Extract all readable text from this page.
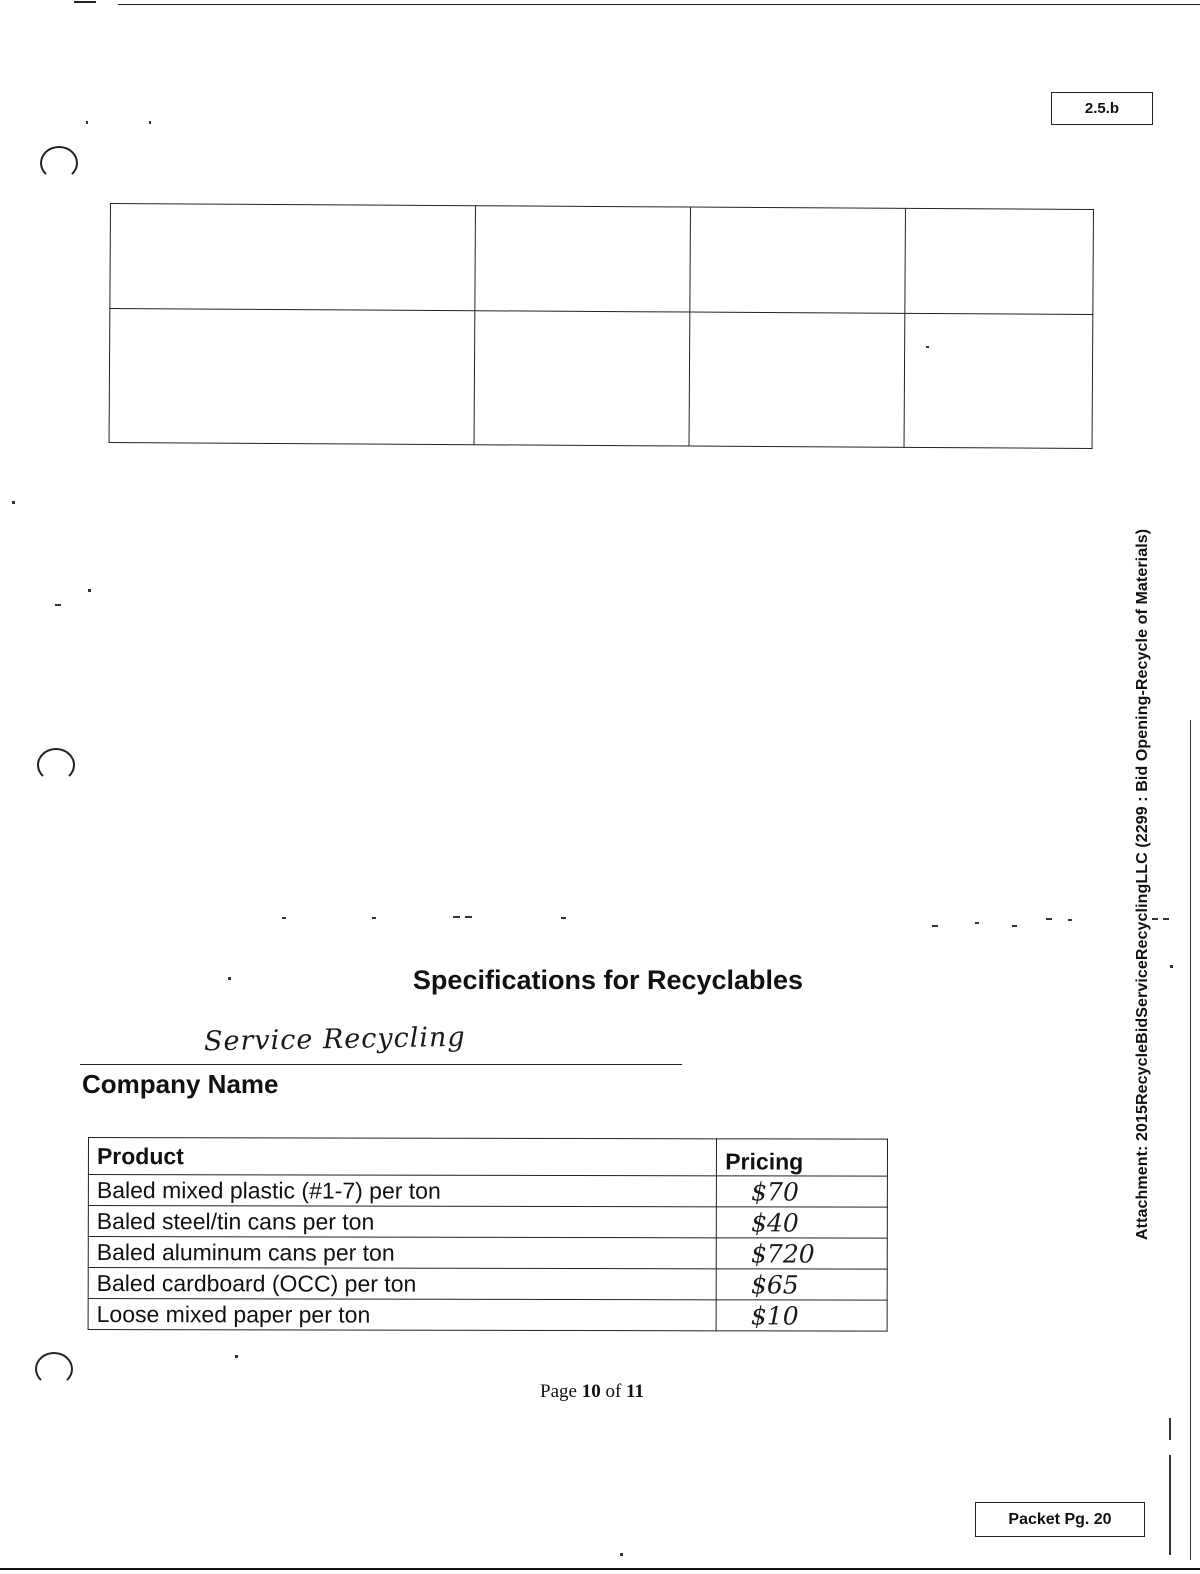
2.5.b

Attachment: 2015RecycleBidServiceRecyclingLLC (2299 : Bid Opening-Recycle of Materials)
Specifications for Recyclables
Service Recycling
Company Name
Product	Pricing
Baled mixed plastic (#1-7) per ton	$70
Baled steel/tin cans per ton	$40
Baled aluminum cans per ton	$720
Baled cardboard (OCC) per ton	$65
Loose mixed paper per ton	$10
Page 10 of 11
Packet Pg. 20
